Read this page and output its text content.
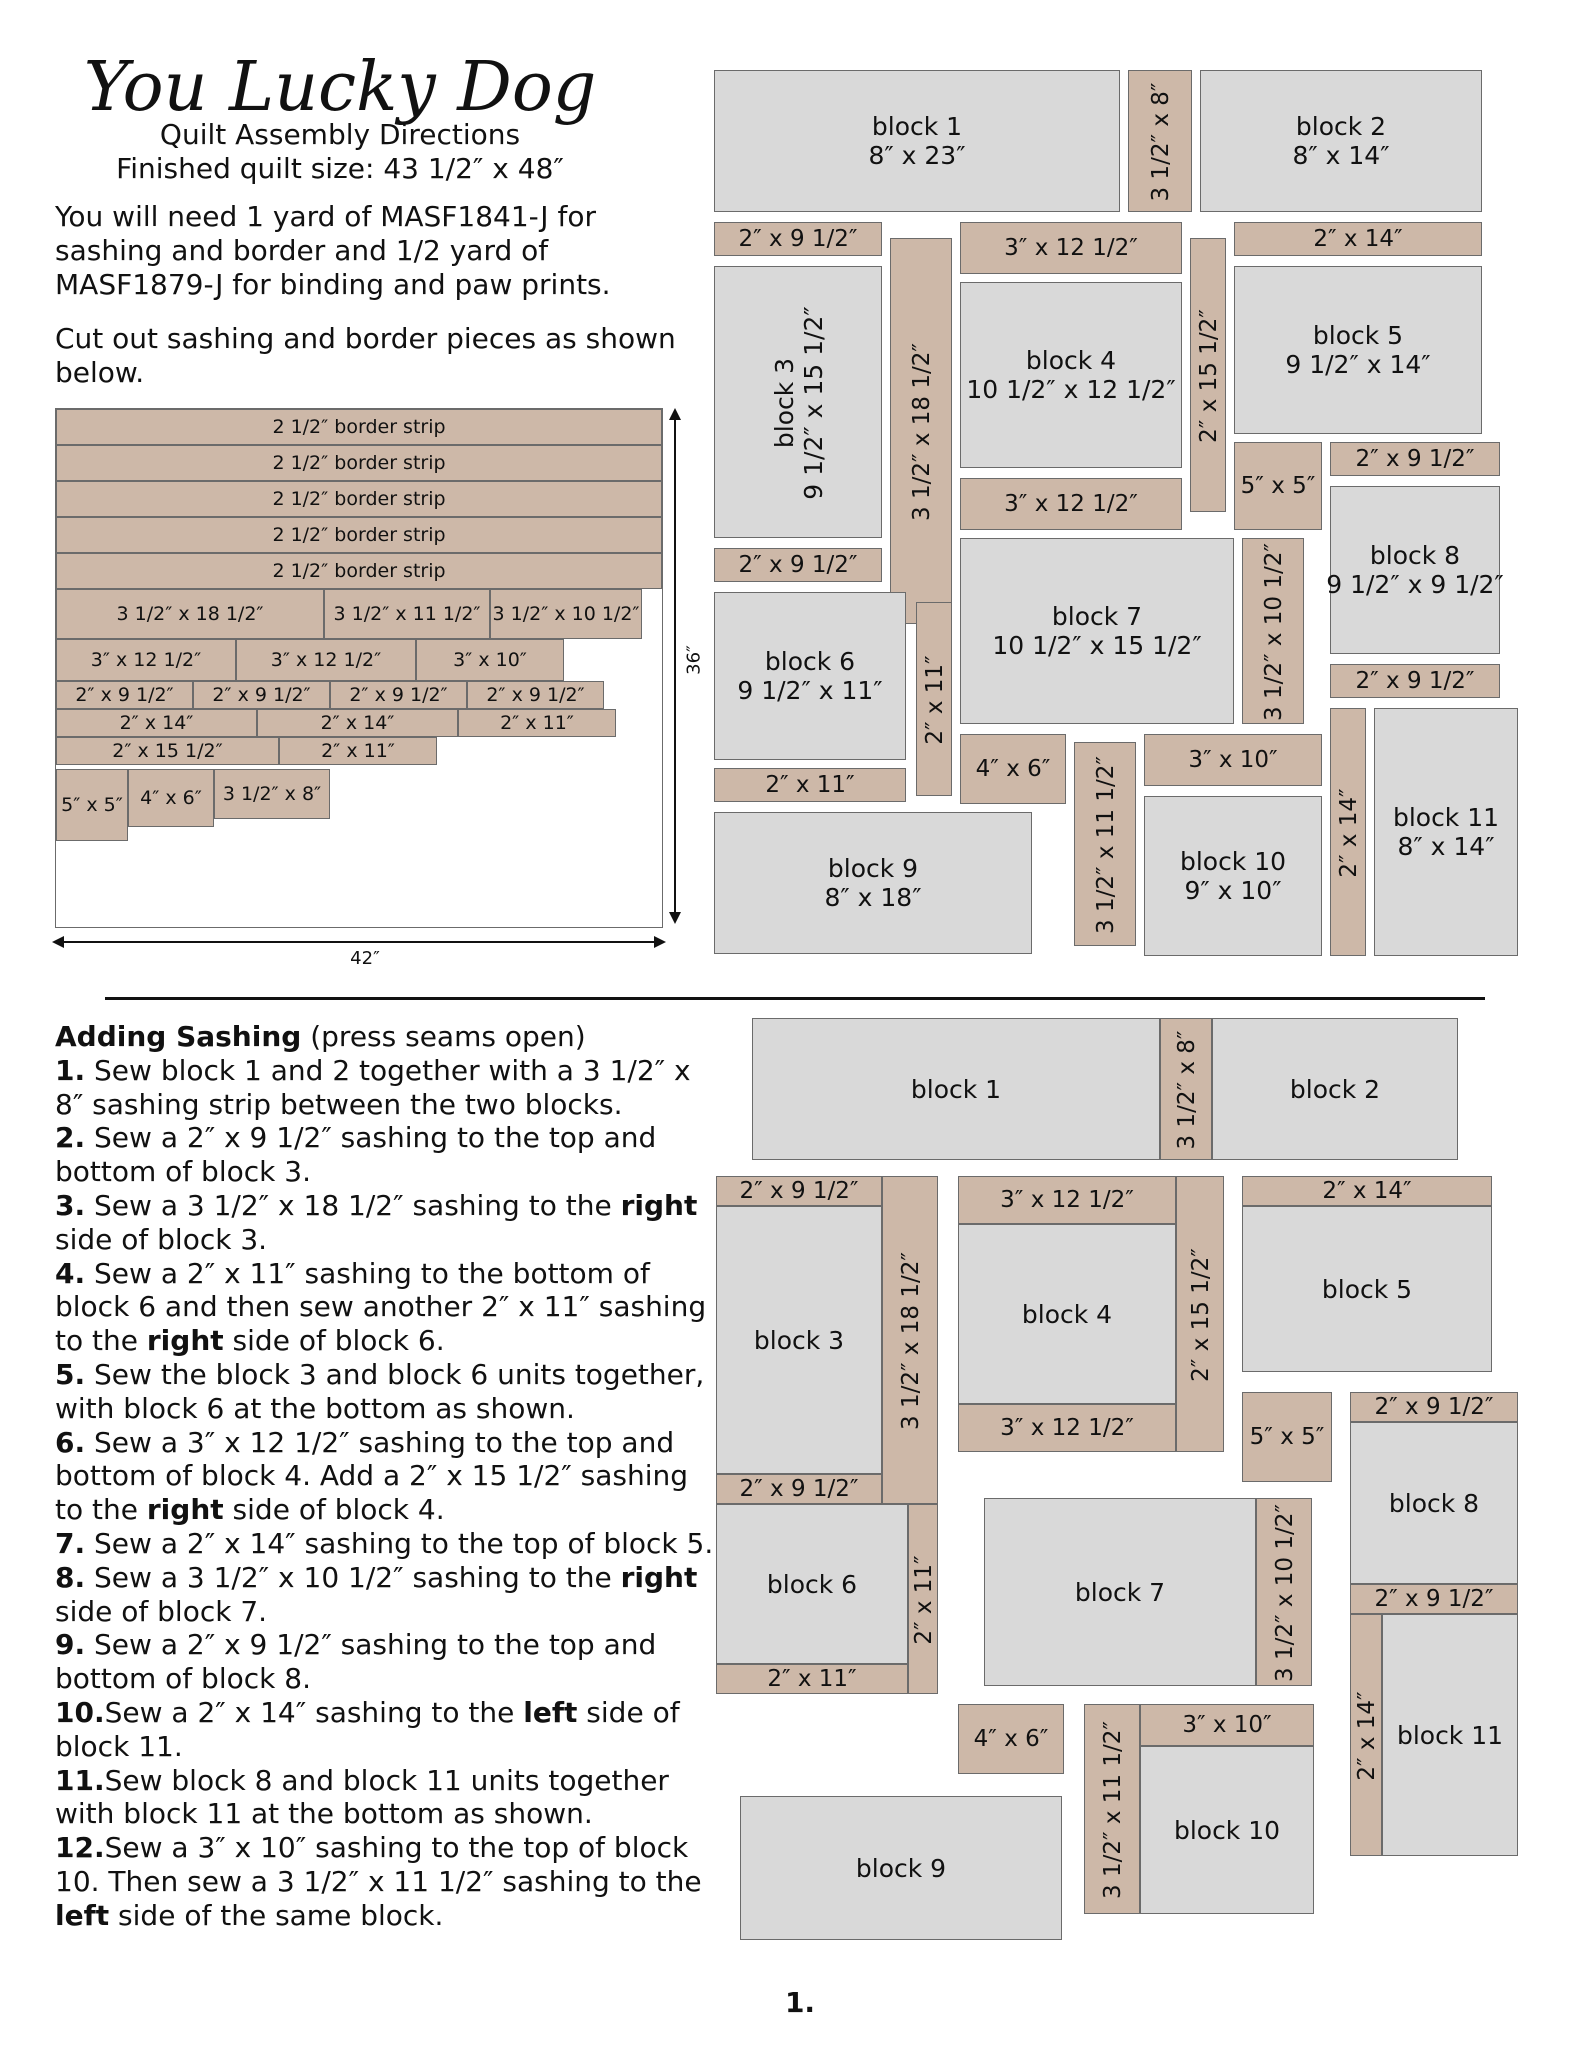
You Lucky Dog
Quilt Assembly Directions
Finished quilt size: 43 1/2″ x 48″
You will need 1 yard of MASF1841-J for sashing and border and 1/2 yard of MASF1879-J for binding and paw prints.
Cut out sashing and border pieces as shown below.
2 1/2″ border strip
2 1/2″ border strip
2 1/2″ border strip
2 1/2″ border strip
2 1/2″ border strip
3 1/2″ x 18 1/2″	3 1/2″ x 11 1/2″ 3 1/2″ x 10 1/2″
3″ x 12 1/2″	3″ x 12 1/2″	3″ x 10″
2″ x 9 1/2″	2″ x 9 1/2″	2″ x 9 1/2″	2″ x 9 1/2″
2″ x 14″	2″ x 14″	2″ x 11″
2″ x 15 1/2″	2″ x 11″
5″ x 5″ 4″ x 6″	3 1/2″ x 8″
36″
42″
block 1
8″ x 23″	3 1/2″ x 8″	block 2
8″ x 14″
2″ x 9 1/2″
3 1/2″ x 18 1/2″
3″ x 12 1/2″
2″ x 15 1/2″
2″ x 14″
block 3
9 1/2″ x 15 1/2″
block 4
10 1/2″ x 12 1/2″
block 5
9 1/2″ x 14″
3″ x 12 1/2″
5″ x 5″
2″ x 9 1/2″
block 8
9 1/2″ x 9 1/2″
2″ x 9 1/2″
block 7
10 1/2″ x 15 1/2″	3 1/2″ x 10 1/2″	2″ x 9 1/2″
block 6
9 1/2″ x 11″	2″ x 11″
2″ x 11″
4″ x 6″	3 1/2″ x 11 1/2″	3″ x 10″
2″ x 14″	block 11
8″ x 14″
block 9
8″ x 18″
block 10
9″ x 10″

Adding Sashing (press seams open)

1. Sew block 1 and 2 together with a 3 1/2″ x 8″ sashing strip between the two blocks.

2. Sew a 2″ x 9 1/2″ sashing to the top and bottom of block 3.

3. Sew a 3 1/2″ x 18 1/2″ sashing to the right side of block 3.

4. Sew a 2″ x 11″ sashing to the bottom of block 6 and then sew another 2″ x 11″ sashing to the right side of block 6.

5. Sew the block 3 and block 6 units together, with block 6 at the bottom as shown.

6. Sew a 3″ x 12 1/2″ sashing to the top and bottom of block 4. Add a 2″ x 15 1/2″ sashing to the right side of block 4.

7. Sew a 2″ x 14″ sashing to the top of block 5.

8. Sew a 3 1/2″ x 10 1/2″ sashing to the right side of block 7.

9. Sew a 2″ x 9 1/2″ sashing to the top and bottom of block 8.

10.Sew a 2″ x 14″ sashing to the left side of block 11.

11.Sew block 8 and block 11 units together with block 11 at the bottom as shown.

12.Sew a 3″ x 10″ sashing to the top of block 10. Then sew a 3 1/2″ x 11 1/2″ sashing to the left side of the same block.

block 1	3 1/2″ x 8″	block 2
2″ x 9 1/2″
block 3
2″ x 9 1/2″
3 1/2″ x 18 1/2″
block 6	2″ x 11″
2″ x 11″
3″ x 12 1/2″
block 4
3″ x 12 1/2″
2″ x 15 1/2″
2″ x 14″
block 5
5″ x 5″
2″ x 9 1/2″
block 8
2″ x 9 1/2″
2″ x 14″ block 11
block 7	3 1/2″ x 10 1/2″
4″ x 6″	3 1/2″ x 11 1/2″	3″ x 10″
block 10
block 9
1.
